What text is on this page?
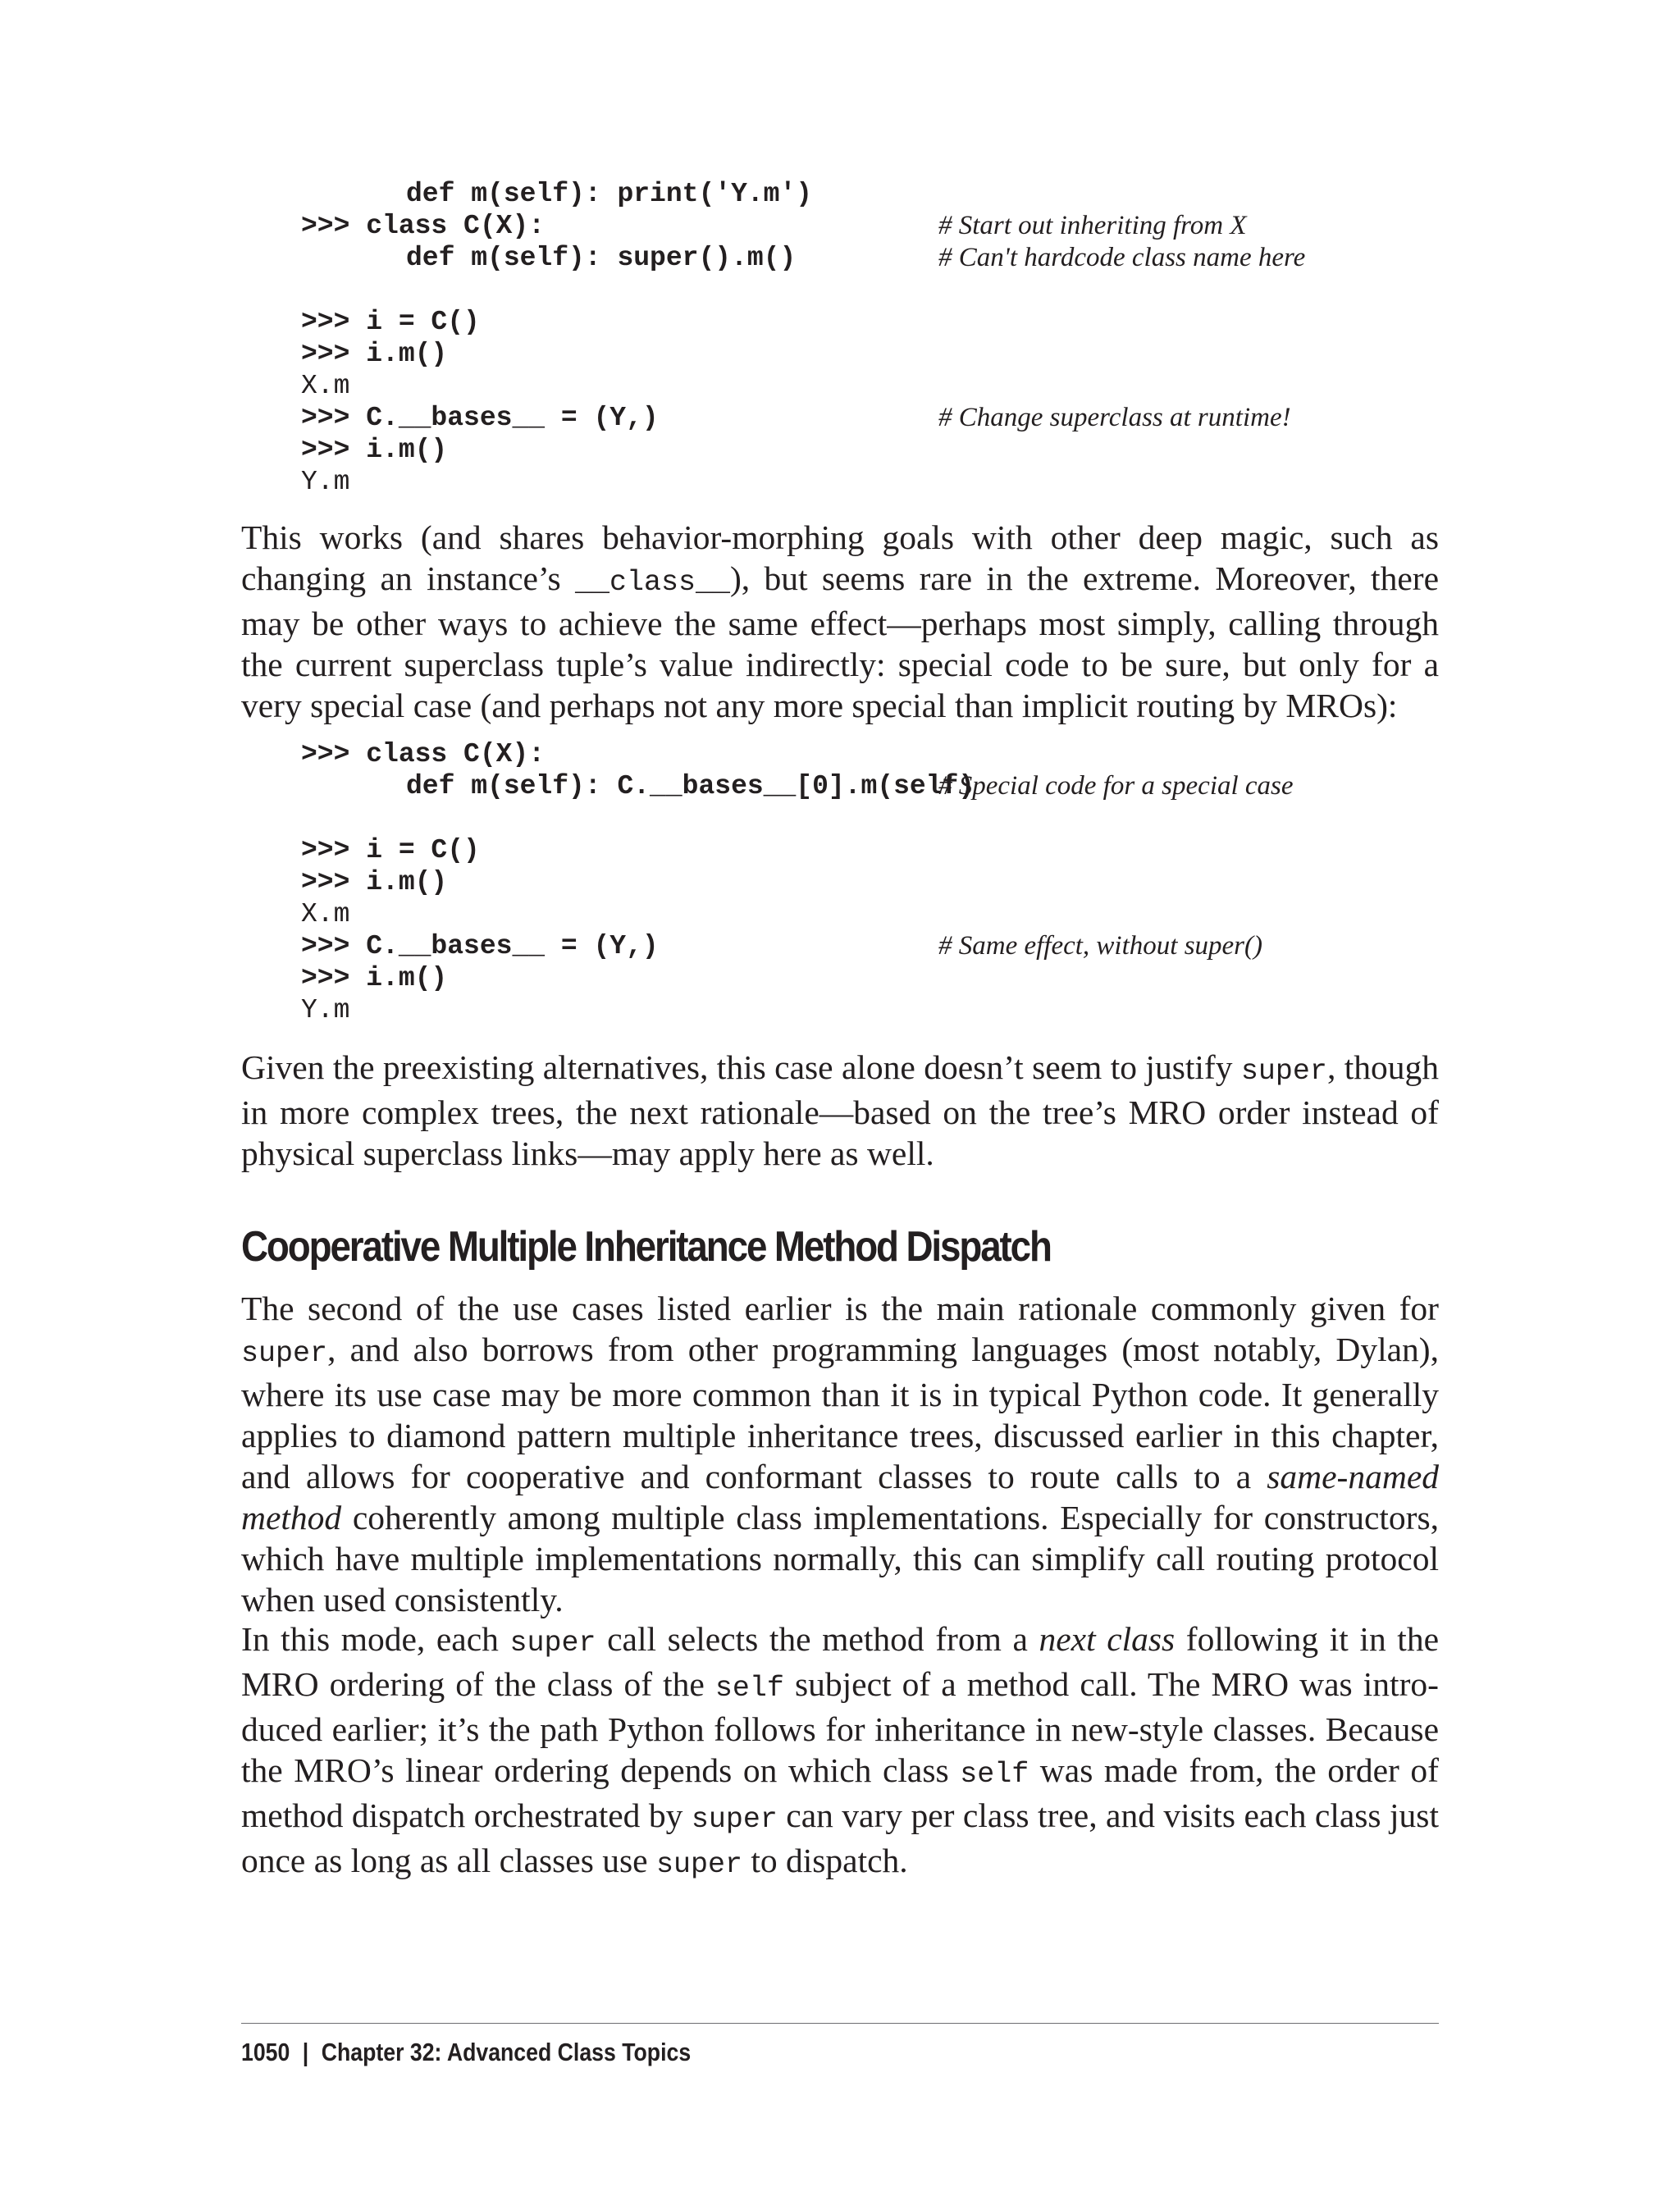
def m(self): print('Y.m')
>>> class C(X):	# Start out inheriting from X
def m(self): super().m()	# Can't hardcode class name here
>>> i = C()
>>> i.m()
X.m
>>> C.__bases__ = (Y,)	# Change superclass at runtime!
>>> i.m()
Y.m

This works (and shares behavior-morphing goals with other deep magic, such as changing an instance’s __class__), but seems rare in the extreme. Moreover, there may be other ways to achieve the same effect—perhaps most simply, calling through the current superclass tuple’s value indirectly: special code to be sure, but only for a very special case (and perhaps not any more special than implicit routing by MROs):

>>> class C(X):
def m(self): C.__bases__[0].m(self)
# Special code for a special case
>>> i = C()
>>> i.m()
X.m
>>> C.__bases__ = (Y,)	# Same effect, without super()
>>> i.m()
Y.m

Given the preexisting alternatives, this case alone doesn’t seem to justify super, though in more complex trees, the next rationale—based on the tree’s MRO order instead of physical superclass links—may apply here as well.

Cooperative Multiple Inheritance Method Dispatch

The second of the use cases listed earlier is the main rationale commonly given for super, and also borrows from other programming languages (most notably, Dylan), where its use case may be more common than it is in typical Python code. It generally applies to diamond pattern multiple inheritance trees, discussed earlier in this chapter, and allows for cooperative and conformant classes to route calls to a same-named method coherently among multiple class implementations. Especially for constructors, which have multiple implementations normally, this can simplify call routing protocol when used consistently.

In this mode, each super call selects the method from a next class following it in the MRO ordering of the class of the self subject of a method call. The MRO was introduced earlier; it’s the path Python follows for inheritance in new-style classes. Because the MRO’s linear ordering depends on which class self was made from, the order of method dispatch orchestrated by super can vary per class tree, and visits each class just once as long as all classes use super to dispatch.

1050 | Chapter 32: Advanced Class Topics
